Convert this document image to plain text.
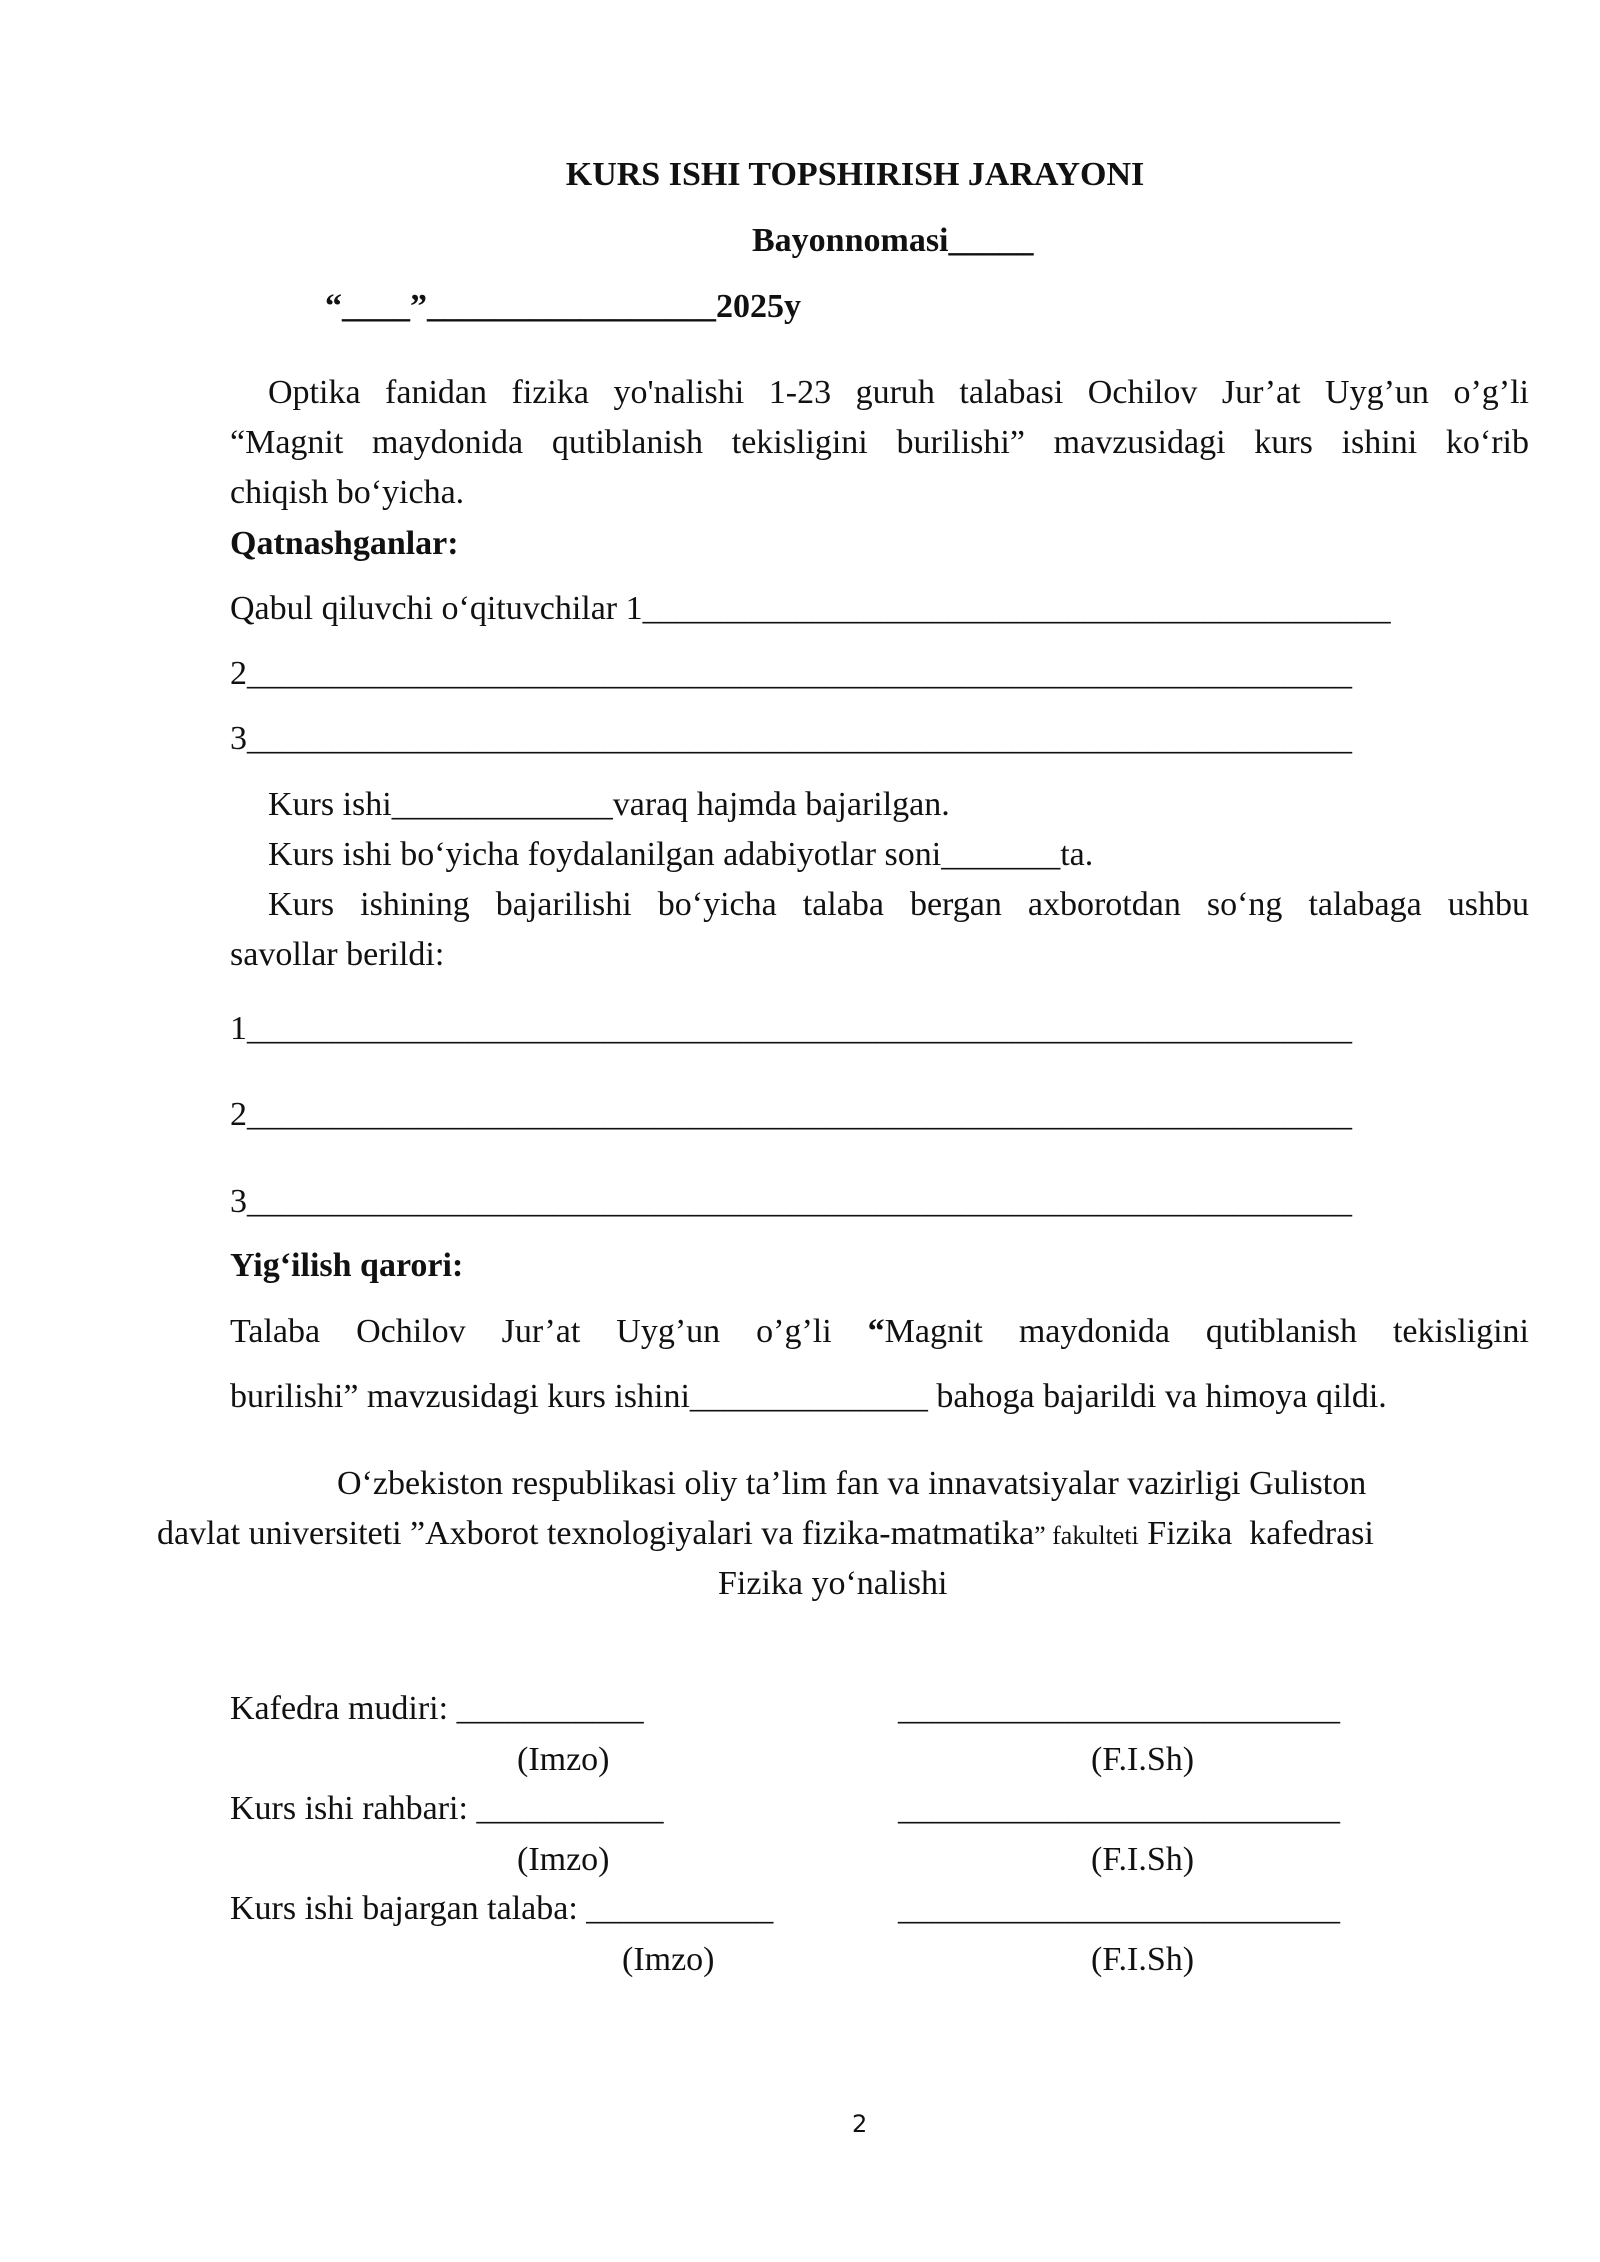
KURS ISHI TOPSHIRISH JARAYONI
Bayonnomasi_____
“____”_________________2025y
Optika fanidan fizika yo'nalishi 1-23 guruh talabasi Ochilov Jur’at Uyg’un o’g’li
“Magnit maydonida qutiblanish tekisligini burilishi” mavzusidagi kurs ishini ko‘rib
chiqish bo‘yicha.
Qatnashganlar:
Qabul qiluvchi o‘qituvchilar 1____________________________________________
2_________________________________________________________________
3_________________________________________________________________
Kurs ishi_____________varaq hajmda bajarilgan.
Kurs ishi bo‘yicha foydalanilgan adabiyotlar soni_______ta.
Kurs ishining bajarilishi bo‘yicha talaba bergan axborotdan so‘ng talabaga ushbu
savollar berildi:
1_________________________________________________________________
2_________________________________________________________________
3_________________________________________________________________
Yig‘ilish qarori:
Talaba Ochilov Jur’at Uyg’un o’g’li “Magnit maydonida qutiblanish tekisligini
burilishi” mavzusidagi kurs ishini______________ bahoga bajarildi va himoya qildi.
O‘zbekiston respublikasi oliy ta’lim fan va innavatsiyalar vazirligi Guliston
davlat universiteti ”Axborot texnologiyalari va fizika-matmatika” fakulteti Fizika  kafedrasi
Fizika yo‘nalishi
Kafedra mudiri: ___________	__________________________
(Imzo)	(F.I.Sh)
Kurs ishi rahbari: ___________	__________________________
(Imzo)	(F.I.Sh)
Kurs ishi bajargan talaba: ___________	__________________________
(Imzo)	(F.I.Sh)
2
